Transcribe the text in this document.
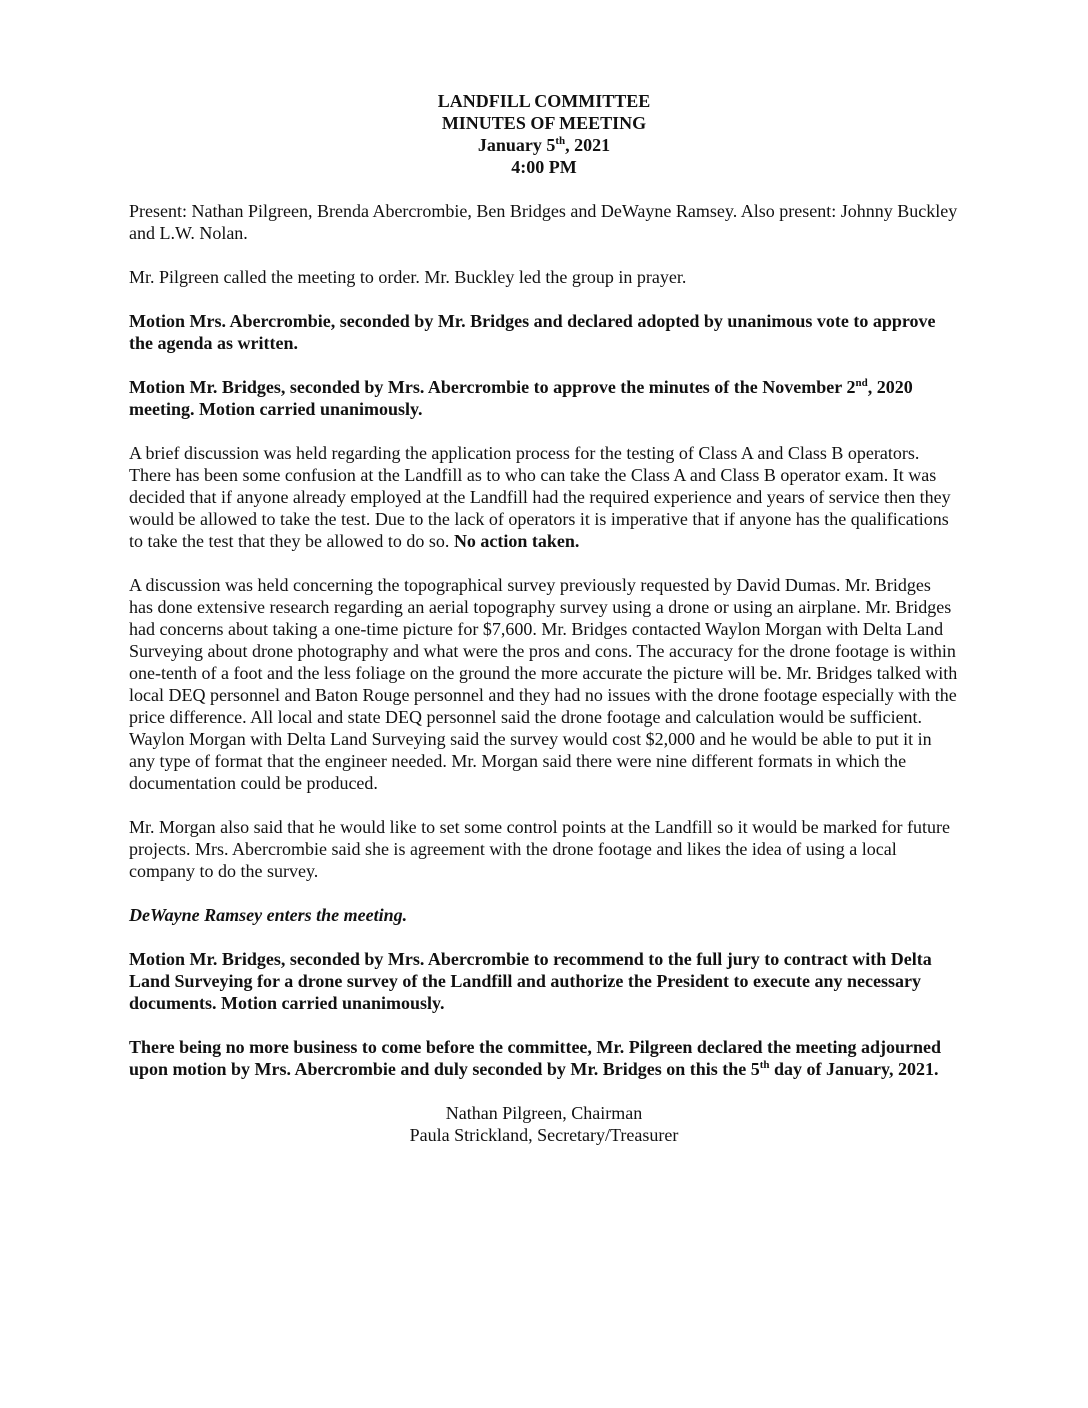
LANDFILL COMMITTEE
MINUTES OF MEETING
January 5th, 2021
4:00 PM

Present: Nathan Pilgreen, Brenda Abercrombie, Ben Bridges and DeWayne Ramsey. Also present: Johnny Buckley and L.W. Nolan.

Mr. Pilgreen called the meeting to order. Mr. Buckley led the group in prayer.

Motion Mrs. Abercrombie, seconded by Mr. Bridges and declared adopted by unanimous vote to approve the agenda as written.

Motion Mr. Bridges, seconded by Mrs. Abercrombie to approve the minutes of the November 2nd, 2020 meeting. Motion carried unanimously.

A brief discussion was held regarding the application process for the testing of Class A and Class B operators. There has been some confusion at the Landfill as to who can take the Class A and Class B operator exam. It was decided that if anyone already employed at the Landfill had the required experience and years of service then they would be allowed to take the test. Due to the lack of operators it is imperative that if anyone has the qualifications to take the test that they be allowed to do so. No action taken.

A discussion was held concerning the topographical survey previously requested by David Dumas. Mr. Bridges has done extensive research regarding an aerial topography survey using a drone or using an airplane. Mr. Bridges had concerns about taking a one-time picture for $7,600. Mr. Bridges contacted Waylon Morgan with Delta Land Surveying about drone photography and what were the pros and cons. The accuracy for the drone footage is within one-tenth of a foot and the less foliage on the ground the more accurate the picture will be. Mr. Bridges talked with local DEQ personnel and Baton Rouge personnel and they had no issues with the drone footage especially with the price difference. All local and state DEQ personnel said the drone footage and calculation would be sufficient. Waylon Morgan with Delta Land Surveying said the survey would cost $2,000 and he would be able to put it in any type of format that the engineer needed. Mr. Morgan said there were nine different formats in which the documentation could be produced.

Mr. Morgan also said that he would like to set some control points at the Landfill so it would be marked for future projects. Mrs. Abercrombie said she is agreement with the drone footage and likes the idea of using a local company to do the survey.

DeWayne Ramsey enters the meeting.

Motion Mr. Bridges, seconded by Mrs. Abercrombie to recommend to the full jury to contract with Delta Land Surveying for a drone survey of the Landfill and authorize the President to execute any necessary documents. Motion carried unanimously.

There being no more business to come before the committee, Mr. Pilgreen declared the meeting adjourned upon motion by Mrs. Abercrombie and duly seconded by Mr. Bridges on this the 5th day of January, 2021.

Nathan Pilgreen, Chairman
Paula Strickland, Secretary/Treasurer
